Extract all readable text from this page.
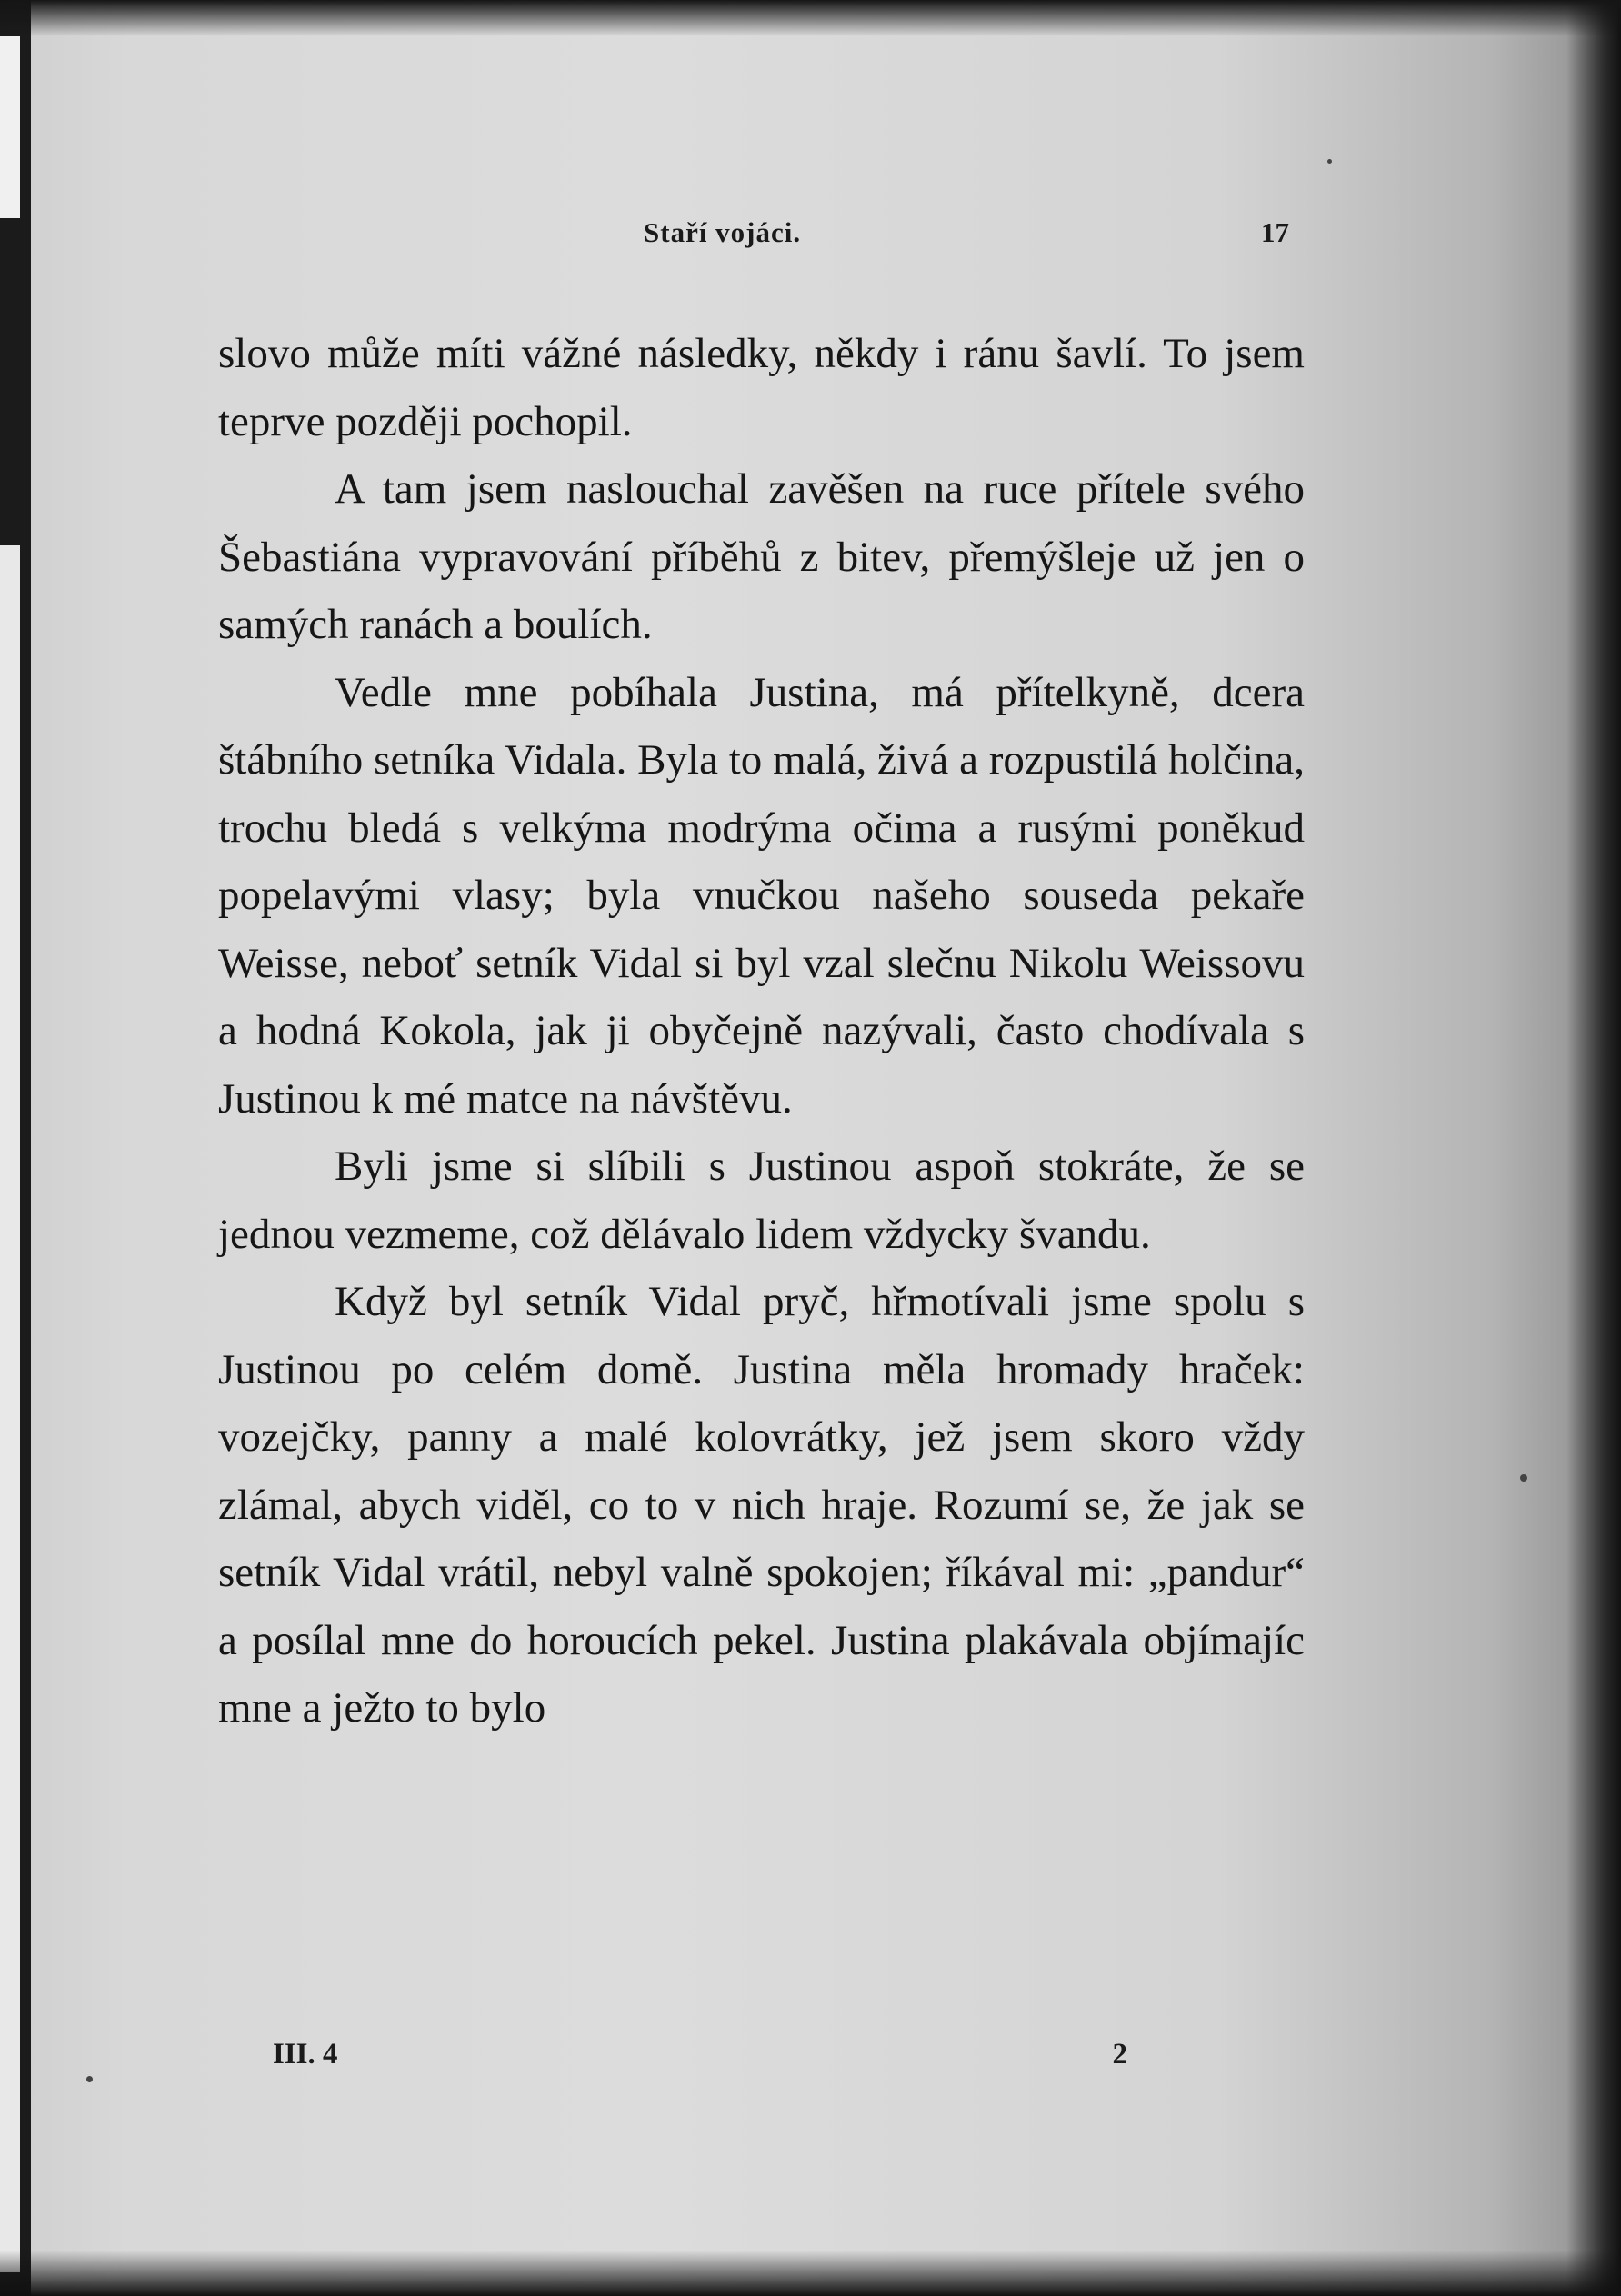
Staří vojáci.	17

slovo může míti vážné následky, někdy i ránu šavlí. To jsem teprve později pochopil.

A tam jsem naslouchal zavěšen na ruce přítele svého Šebastiána vypravování příběhů z bitev, přemýšleje už jen o samých ranách a boulích.

Vedle mne pobíhala Justina, má přítelkyně, dcera štábního setníka Vidala. Byla to malá, živá a rozpustilá holčina, trochu bledá s velkýma modrýma očima a rusými poněkud popelavými vlasy; byla vnučkou našeho souseda pekaře Weisse, neboť setník Vidal si byl vzal slečnu Nikolu Weissovu a hodná Kokola, jak ji obyčejně nazývali, často chodívala s Justinou k mé matce na návštěvu.

Byli jsme si slíbili s Justinou aspoň stokráte, že se jednou vezmeme, což dělávalo lidem vždycky švandu.

Když byl setník Vidal pryč, hřmotívali jsme spolu s Justinou po celém domě. Justina měla hromady hraček: vozejčky, panny a malé kolovrátky, jež jsem skoro vždy zlámal, abych viděl, co to v nich hraje. Rozumí se, že jak se setník Vidal vrátil, nebyl valně spokojen; říkával mi: „pandur“ a posílal mne do horoucích pekel. Justina plakávala objímajíc mne a ježto to bylo

III. 4	2
